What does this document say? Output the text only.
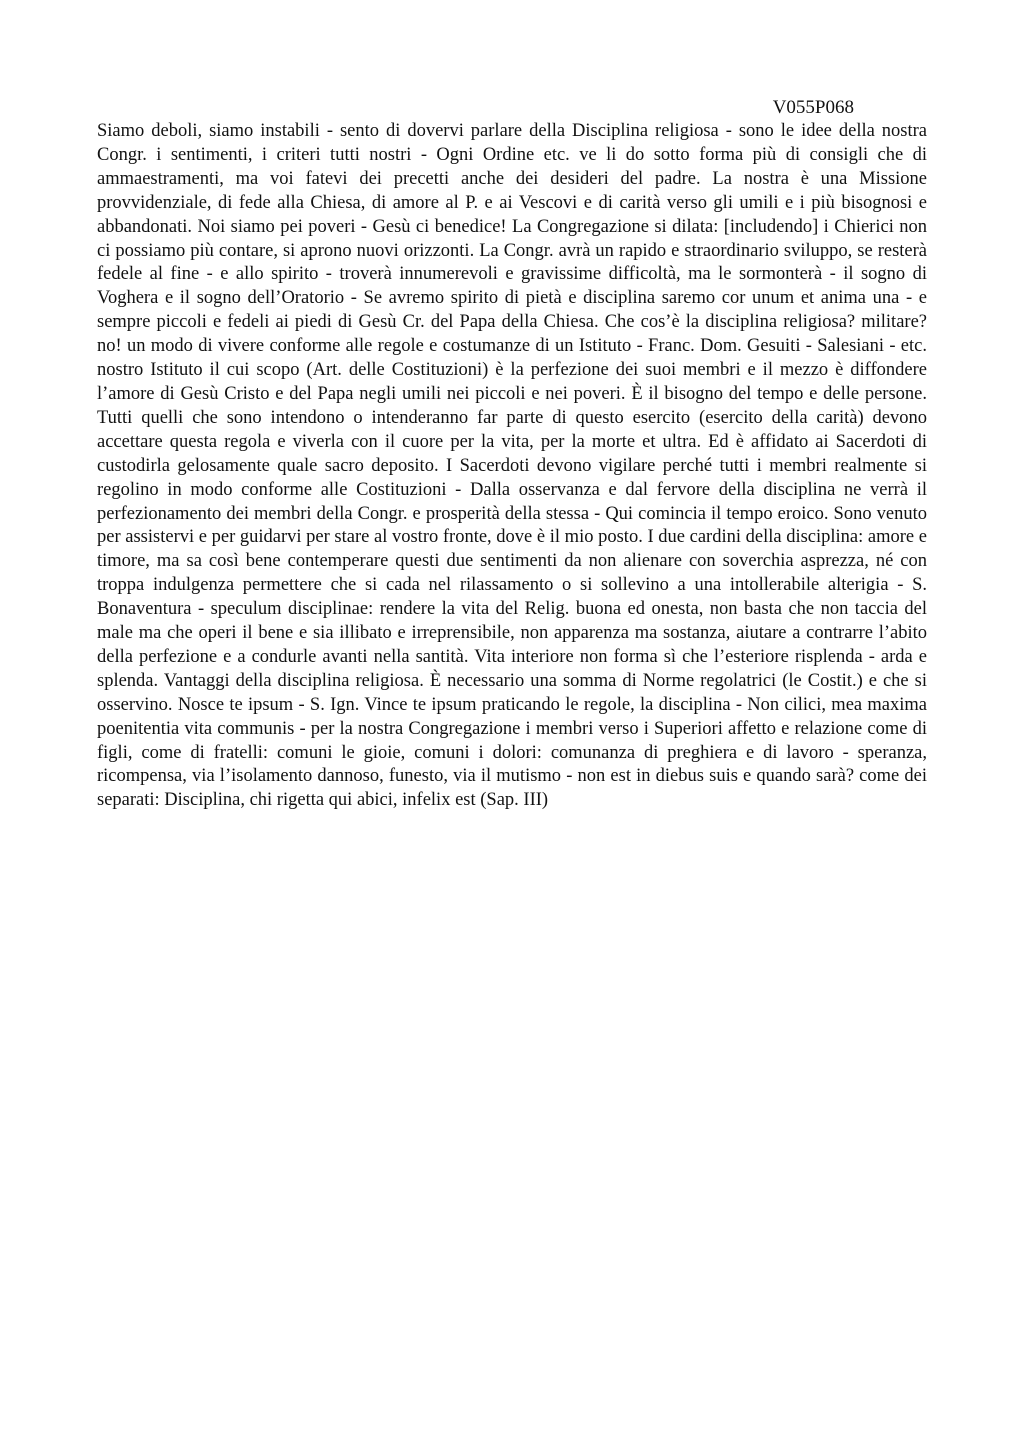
V055P068

Siamo deboli, siamo instabili - sento di dovervi parlare della Disciplina religiosa - sono le idee della nostra Congr. i sentimenti, i criteri tutti nostri - Ogni Ordine etc. ve li do sotto forma più di consigli che di ammaestramenti, ma voi fatevi dei precetti anche dei desideri del padre. La nostra è una Missione provvidenziale, di fede alla Chiesa, di amore al P. e ai Vescovi e di carità verso gli umili e i più bisognosi e abbandonati. Noi siamo pei poveri - Gesù ci benedice! La Congregazione si dilata: [includendo] i Chierici non ci possiamo più contare, si aprono nuovi orizzonti. La Congr. avrà un rapido e straordinario sviluppo, se resterà fedele al fine - e allo spirito - troverà innumerevoli e gravissime difficoltà, ma le sormonterà - il sogno di Voghera e il sogno dell’Oratorio - Se avremo spirito di pietà e disciplina saremo cor unum et anima una - e sempre piccoli e fedeli ai piedi di Gesù Cr. del Papa della Chiesa. Che cos’è la disciplina religiosa? militare? no! un modo di vivere conforme alle regole e costumanze di un Istituto - Franc. Dom. Gesuiti - Salesiani - etc. nostro Istituto il cui scopo (Art. delle Costituzioni) è la perfezione dei suoi membri e il mezzo è diffondere l’amore di Gesù Cristo e del Papa negli umili nei piccoli e nei poveri. È il bisogno del tempo e delle persone. Tutti quelli che sono intendono o intenderanno far parte di questo esercito (esercito della carità) devono accettare questa regola e viverla con il cuore per la vita, per la morte et ultra. Ed è affidato ai Sacerdoti di custodirla gelosamente quale sacro deposito. I Sacerdoti devono vigilare perché tutti i membri realmente si regolino in modo conforme alle Costituzioni - Dalla osservanza e dal fervore della disciplina ne verrà il perfezionamento dei membri della Congr. e prosperità della stessa - Qui comincia il tempo eroico. Sono venuto per assistervi e per guidarvi per stare al vostro fronte, dove è il mio posto. I due cardini della disciplina: amore e timore, ma sa così bene contemperare questi due sentimenti da non alienare con soverchia asprezza, né con troppa indulgenza permettere che si cada nel rilassamento o si sollevino a una intollerabile alterigia - S. Bonaventura - speculum disciplinae: rendere la vita del Relig. buona ed onesta, non basta che non taccia del male ma che operi il bene e sia illibato e irreprensibile, non apparenza ma sostanza, aiutare a contrarre l’abito della perfezione e a condurle avanti nella santità. Vita interiore non forma sì che l’esteriore risplenda - arda e splenda. Vantaggi della disciplina religiosa. È necessario una somma di Norme regolatrici (le Costit.) e che si osservino. Nosce te ipsum - S. Ign. Vince te ipsum praticando le regole, la disciplina - Non cilici, mea maxima poenitentia vita communis - per la nostra Congregazione i membri verso i Superiori affetto e relazione come di figli, come di fratelli: comuni le gioie, comuni i dolori: comunanza di preghiera e di lavoro - speranza, ricompensa, via l’isolamento dannoso, funesto, via il mutismo - non est in diebus suis e quando sarà? come dei separati: Disciplina, chi rigetta qui abici, infelix est (Sap. III)
